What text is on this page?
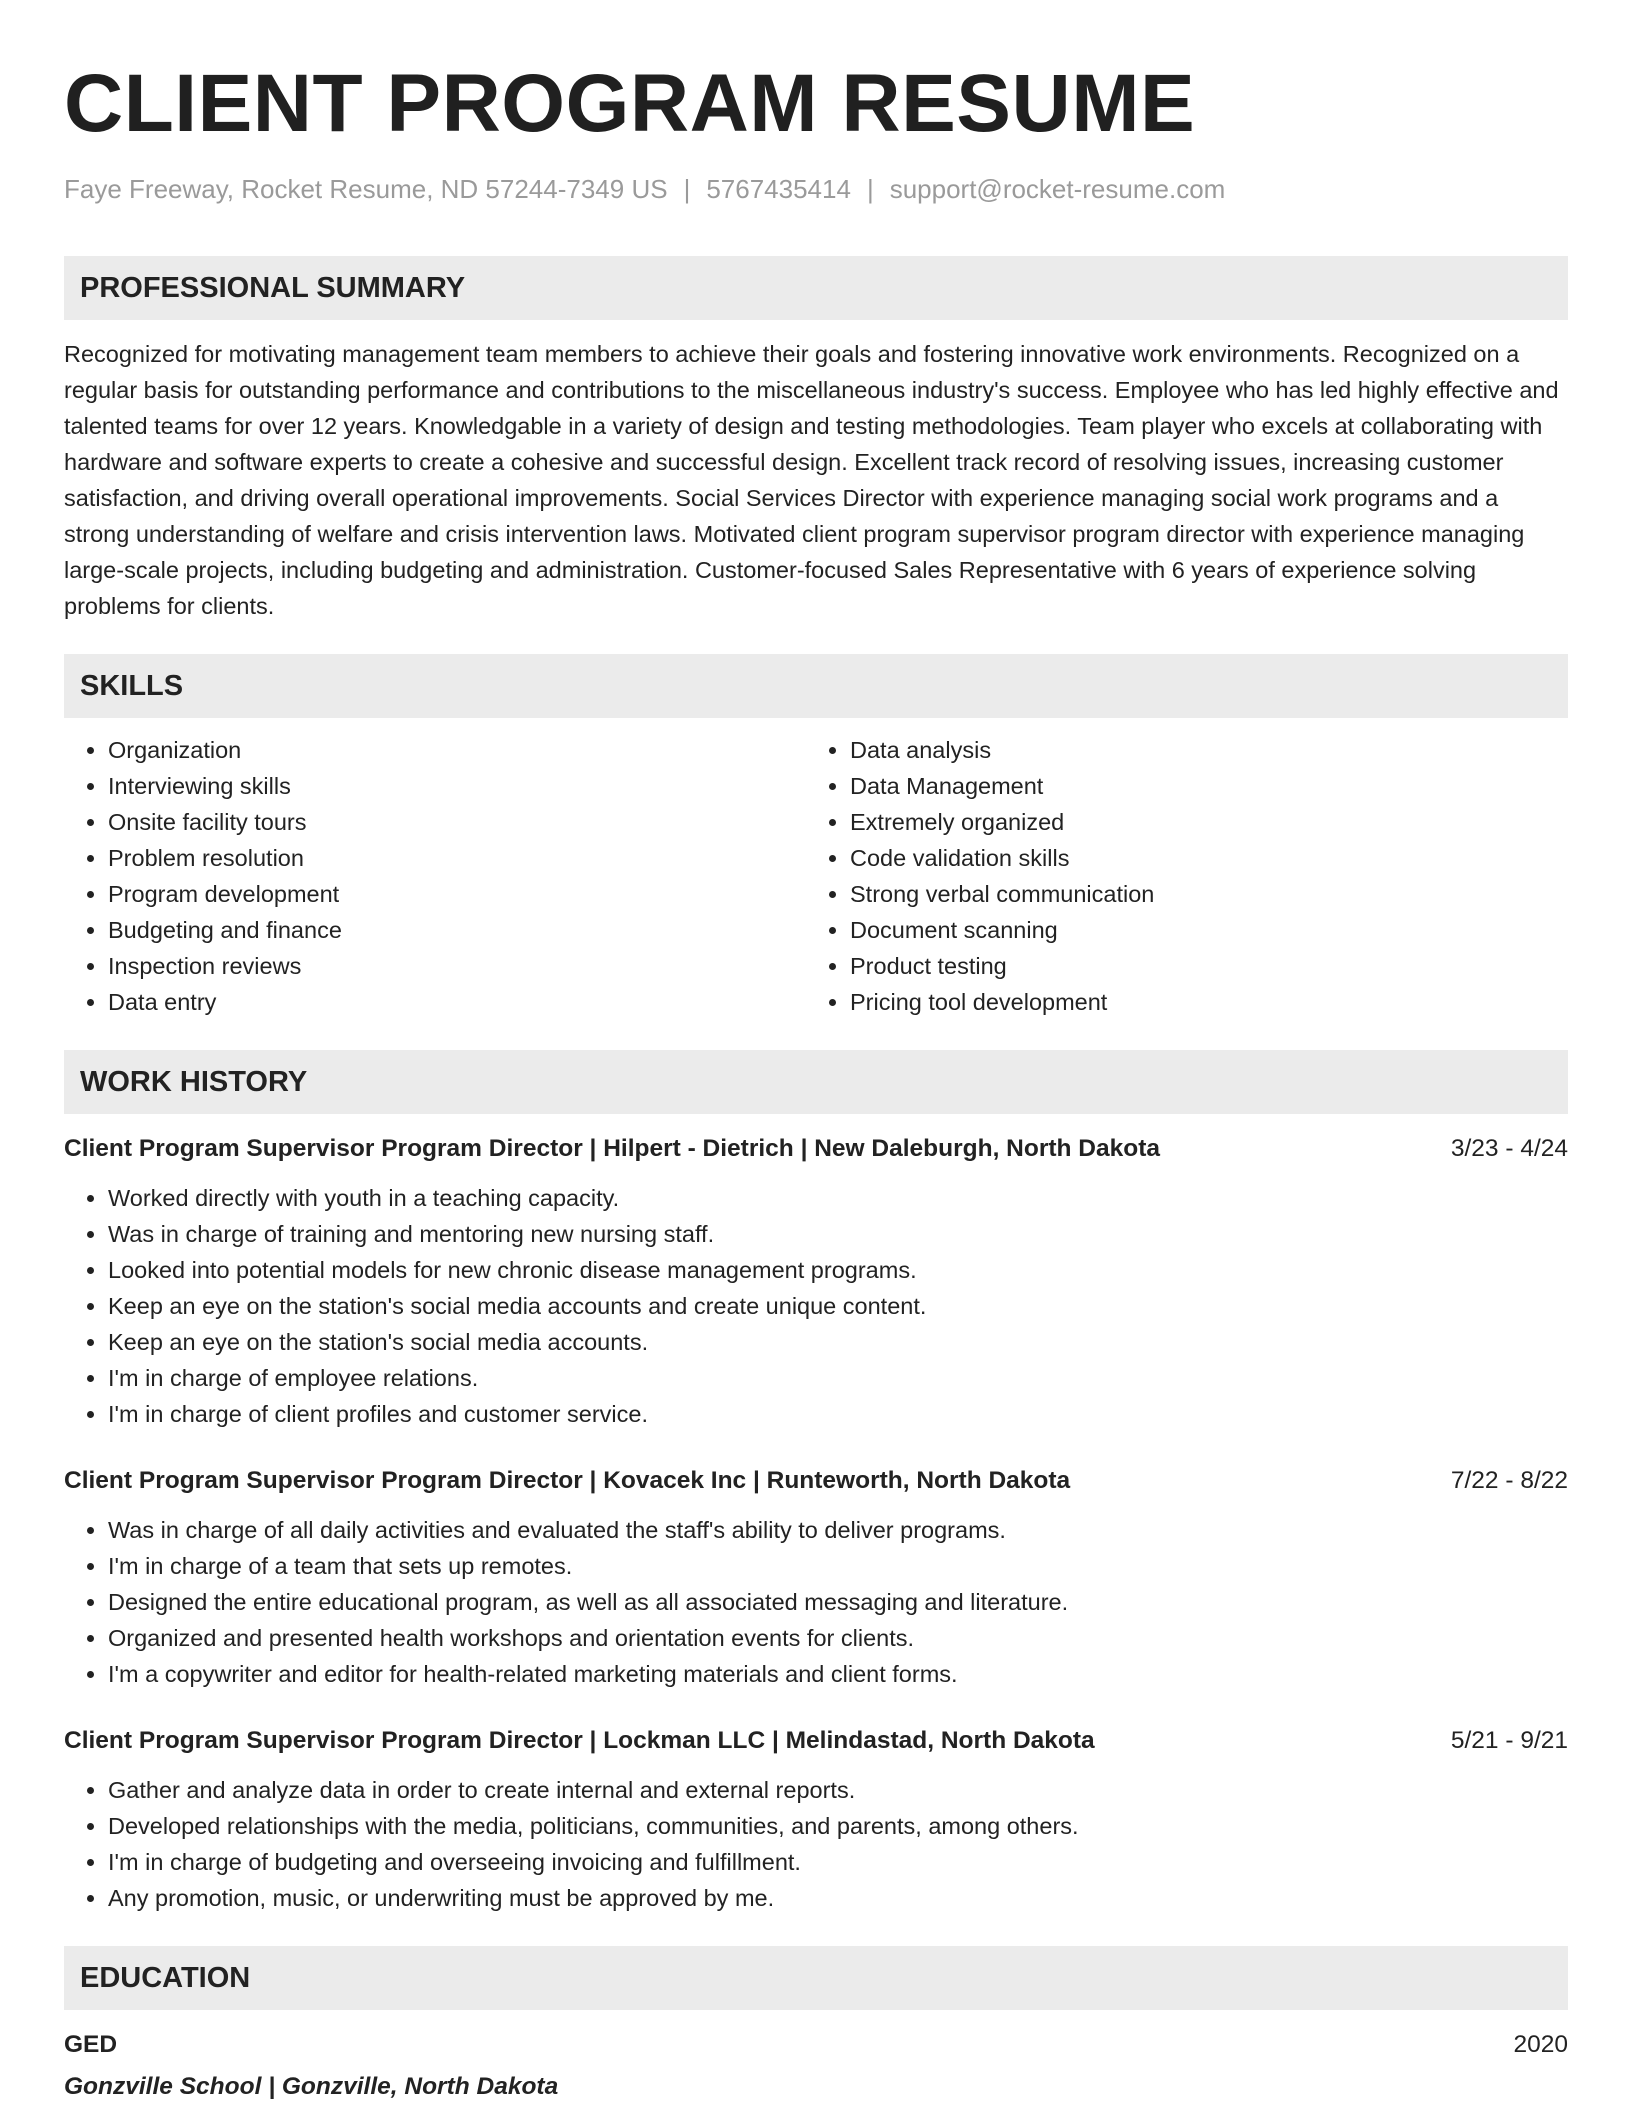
CLIENT PROGRAM RESUME
Faye Freeway, Rocket Resume, ND 57244-7349 US | 5767435414 | support@rocket-resume.com
PROFESSIONAL SUMMARY
Recognized for motivating management team members to achieve their goals and fostering innovative work environments. Recognized on a regular basis for outstanding performance and contributions to the miscellaneous industry's success. Employee who has led highly effective and talented teams for over 12 years. Knowledgable in a variety of design and testing methodologies. Team player who excels at collaborating with hardware and software experts to create a cohesive and successful design. Excellent track record of resolving issues, increasing customer satisfaction, and driving overall operational improvements. Social Services Director with experience managing social work programs and a strong understanding of welfare and crisis intervention laws. Motivated client program supervisor program director with experience managing large-scale projects, including budgeting and administration. Customer-focused Sales Representative with 6 years of experience solving problems for clients.
SKILLS
• Organization
• Interviewing skills
• Onsite facility tours
• Problem resolution
• Program development
• Budgeting and finance
• Inspection reviews
• Data entry
• Data analysis
• Data Management
• Extremely organized
• Code validation skills
• Strong verbal communication
• Document scanning
• Product testing
• Pricing tool development
WORK HISTORY
Client Program Supervisor Program Director | Hilpert - Dietrich | New Daleburgh, North Dakota	3/23 - 4/24
• Worked directly with youth in a teaching capacity.
• Was in charge of training and mentoring new nursing staff.
• Looked into potential models for new chronic disease management programs.
• Keep an eye on the station's social media accounts and create unique content.
• Keep an eye on the station's social media accounts.
• I'm in charge of employee relations.
• I'm in charge of client profiles and customer service.
Client Program Supervisor Program Director | Kovacek Inc | Runteworth, North Dakota	7/22 - 8/22
• Was in charge of all daily activities and evaluated the staff's ability to deliver programs.
• I'm in charge of a team that sets up remotes.
• Designed the entire educational program, as well as all associated messaging and literature.
• Organized and presented health workshops and orientation events for clients.
• I'm a copywriter and editor for health-related marketing materials and client forms.
Client Program Supervisor Program Director | Lockman LLC | Melindastad, North Dakota	5/21 - 9/21
• Gather and analyze data in order to create internal and external reports.
• Developed relationships with the media, politicians, communities, and parents, among others.
• I'm in charge of budgeting and overseeing invoicing and fulfillment.
• Any promotion, music, or underwriting must be approved by me.
EDUCATION
GED	2020
Gonzville School | Gonzville, North Dakota
